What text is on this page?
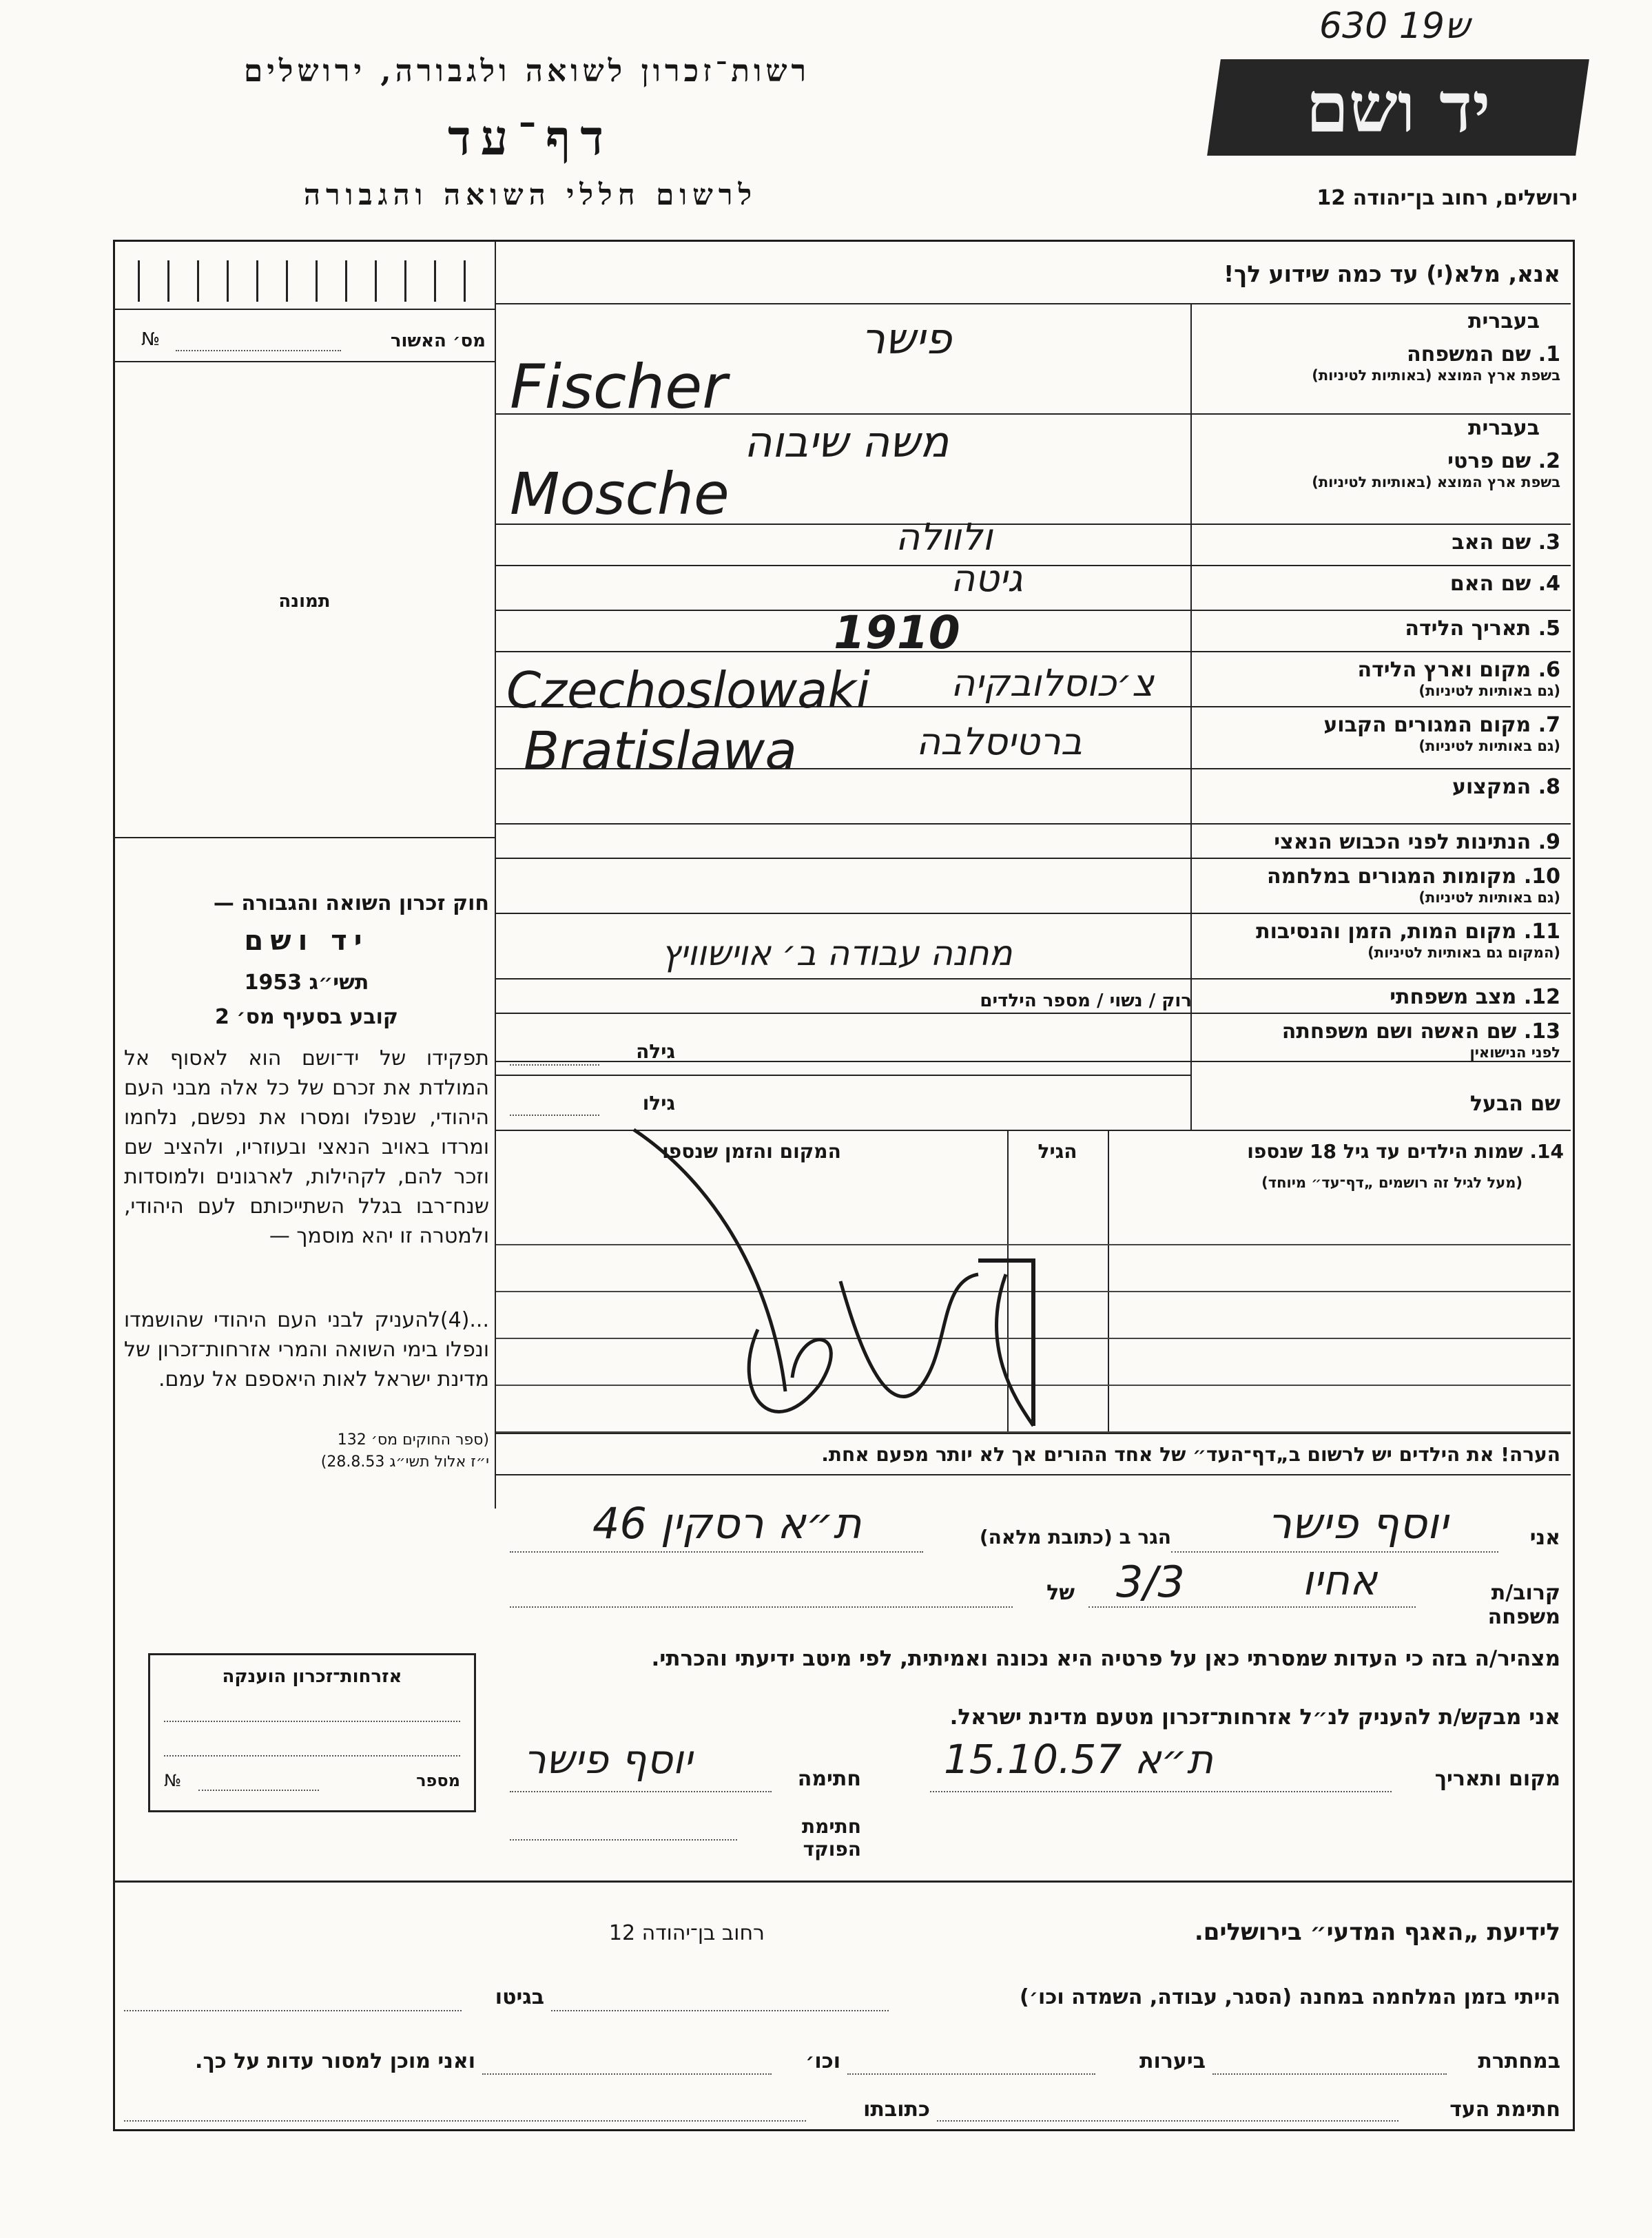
630 ש19
רשות־זכרון לשואה ולגבורה, ירושלים
דף־עד
לרשום חללי השואה והגבורה
יד ושם
ירושלים, רחוב בן־יהודה 12
אנא, מלא(י) עד כמה שידוע לך!
מס׳ האשור
№
תמונה
חוק זכרון השואה והגבורה —
יד ושם
תשי״ג 1953
קובע בסעיף מס׳ 2
תפקידו של יד־ושם הוא לאסוף אל המולדת את זכרם של כל אלה מבני העם היהודי, שנפלו ומסרו את נפשם, נלחמו ומרדו באויב הנאצי ובעוזריו, ולהציב שם וזכר להם, לקהילות, לארגונים ולמוסדות שנח־רבו בגלל השתייכותם לעם היהודי, ולמטרה זו יהא מוסמך —
...(4)להעניק לבני העם היהודי שהושמדו ונפלו בימי השואה והמרי אזרחות־זכרון של מדינת ישראל לאות היאספם אל עמם.
(ספר החוקים מס׳ 132
י״ז אלול תשי״ג 28.8.53)
בעברית
1. שם המשפחה
בשפת ארץ המוצא (באותיות לטיניות)
בעברית
2. שם פרטי
בשפת ארץ המוצא (באותיות לטיניות)
3. שם האב
4. שם האם
5. תאריך הלידה
6. מקום וארץ הלידה
(גם באותיות לטיניות)
7. מקום המגורים הקבוע
(גם באותיות לטיניות)
8. המקצוע
9. הנתינות לפני הכבוש הנאצי
10. מקומות המגורים במלחמה
(גם באותיות לטיניות)
11. מקום המות, הזמן והנסיבות
(המקום גם באותיות לטיניות)
12. מצב משפחתי
13. שם האשה ושם משפחתה
לפני הנישואין
פישר
Fischer
משה שיבוה
Mosche
ולוולה
גיטה
1910
Czechoslowaki צ׳כוסלובקיה
Bratislawa	ברטיסלבה
מחנה עבודה ב׳ אוישוויץ
רוק / נשוי / מספר הילדים
גילה
שם הבעל
גילו
14. שמות הילדים עד גיל 18 שנספו
(מעל לגיל זה רושמים „דף־עד״ מיוחד)
הגיל
המקום והזמן שנספו
הערה! את הילדים יש לרשום ב„דף־העד״ של אחד ההורים אך לא יותר מפעם אחת.
אני
יוסף פישר
הגר ב (כתובת מלאה)
ת״א רסקין 46
קרוב/ת משפחה
אחיו
של 3/3
מצהיר/ה בזה כי העדות שמסרתי כאן על פרטיה היא נכונה ואמיתית, לפי מיטב ידיעתי והכרתי.
אני מבקש/ת להעניק לנ״ל אזרחות־זכרון מטעם מדינת ישראל.
מקום ותאריך
ת״א 15.10.57
חתימה
יוסף פישר
חתימת הפוקד
אזרחות־זכרון הוענקה
מספר
№
לידיעת „האגף המדעי״ בירושלים.
רחוב בן־יהודה 12
הייתי בזמן המלחמה במחנה (הסגר, עבודה, השמדה וכו׳)
בגיטו
במחתרת
ביערות
וכו׳
ואני מוכן למסור עדות על כך.
חתימת העד
כתובתו
